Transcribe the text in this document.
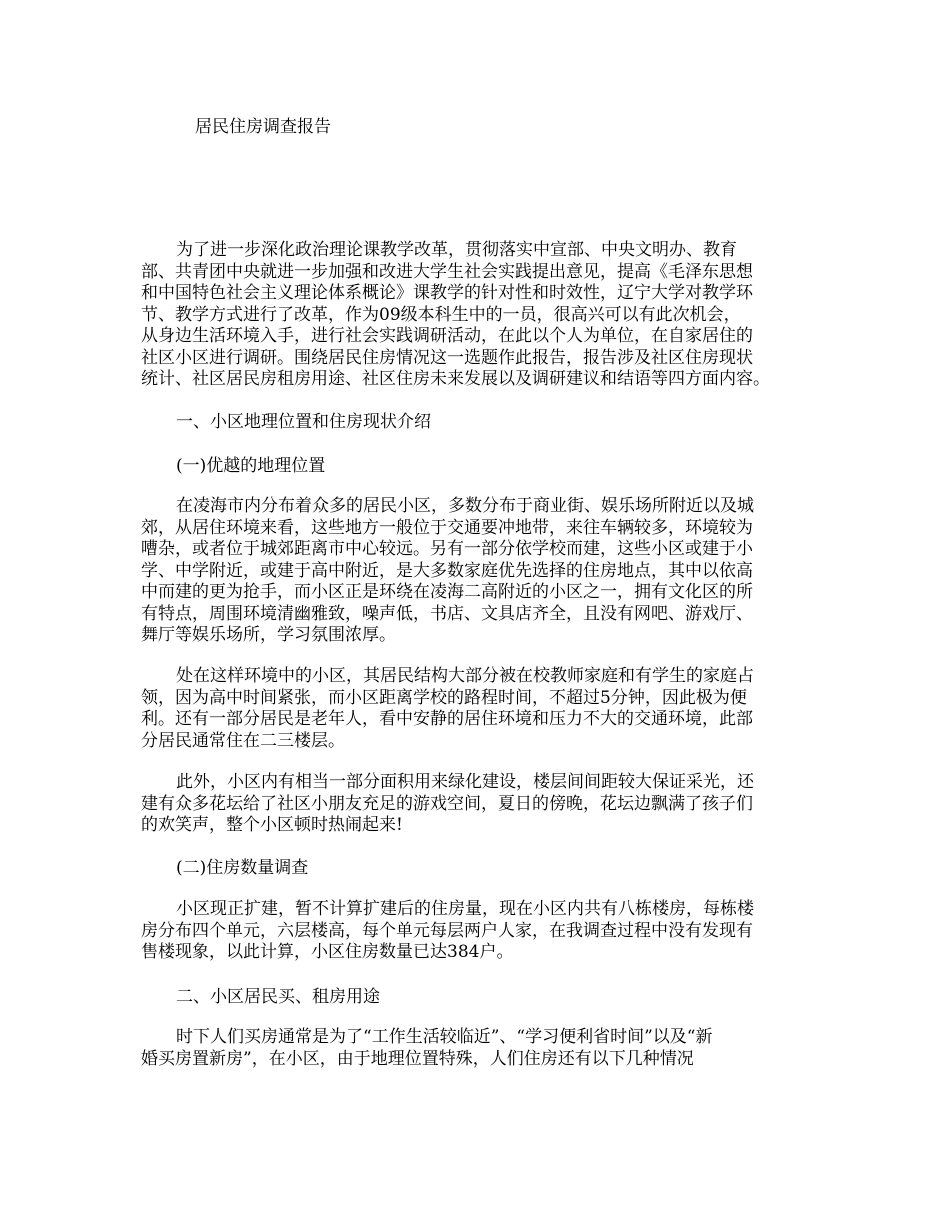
居民住房调查报告
为了进一步深化政治理论课教学改革，贯彻落实中宣部、中央文明办、教育
部、共青团中央就进一步加强和改进大学生社会实践提出意见，提高《毛泽东思想
和中国特色社会主义理论体系概论》课教学的针对性和时效性，辽宁大学对教学环
节、教学方式进行了改革，作为09级本科生中的一员，很高兴可以有此次机会，
从身边生活环境入手，进行社会实践调研活动，在此以个人为单位，在自家居住的
社区小区进行调研。围绕居民住房情况这一选题作此报告，报告涉及社区住房现状
统计、社区居民房租房用途、社区住房未来发展以及调研建议和结语等四方面内容。
一、小区地理位置和住房现状介绍
(一)优越的地理位置
在凌海市内分布着众多的居民小区，多数分布于商业街、娱乐场所附近以及城
郊，从居住环境来看，这些地方一般位于交通要冲地带，来往车辆较多，环境较为
嘈杂，或者位于城郊距离市中心较远。另有一部分依学校而建，这些小区或建于小
学、中学附近，或建于高中附近，是大多数家庭优先选择的住房地点，其中以依高
中而建的更为抢手，而小区正是环绕在凌海二高附近的小区之一，拥有文化区的所
有特点，周围环境清幽雅致，噪声低，书店、文具店齐全，且没有网吧、游戏厅、
舞厅等娱乐场所，学习氛围浓厚。
处在这样环境中的小区，其居民结构大部分被在校教师家庭和有学生的家庭占
领，因为高中时间紧张，而小区距离学校的路程时间，不超过5分钟，因此极为便
利。还有一部分居民是老年人，看中安静的居住环境和压力不大的交通环境，此部
分居民通常住在二三楼层。
此外，小区内有相当一部分面积用来绿化建设，楼层间间距较大保证采光，还
建有众多花坛给了社区小朋友充足的游戏空间，夏日的傍晚，花坛边飘满了孩子们
的欢笑声，整个小区顿时热闹起来!
(二)住房数量调查
小区现正扩建，暂不计算扩建后的住房量，现在小区内共有八栋楼房，每栋楼
房分布四个单元，六层楼高，每个单元每层两户人家，在我调查过程中没有发现有
售楼现象，以此计算，小区住房数量已达384户。
二、小区居民买、租房用途
时下人们买房通常是为了“工作生活较临近”、“学习便利省时间”以及“新
婚买房置新房”，在小区，由于地理位置特殊，人们住房还有以下几种情况
